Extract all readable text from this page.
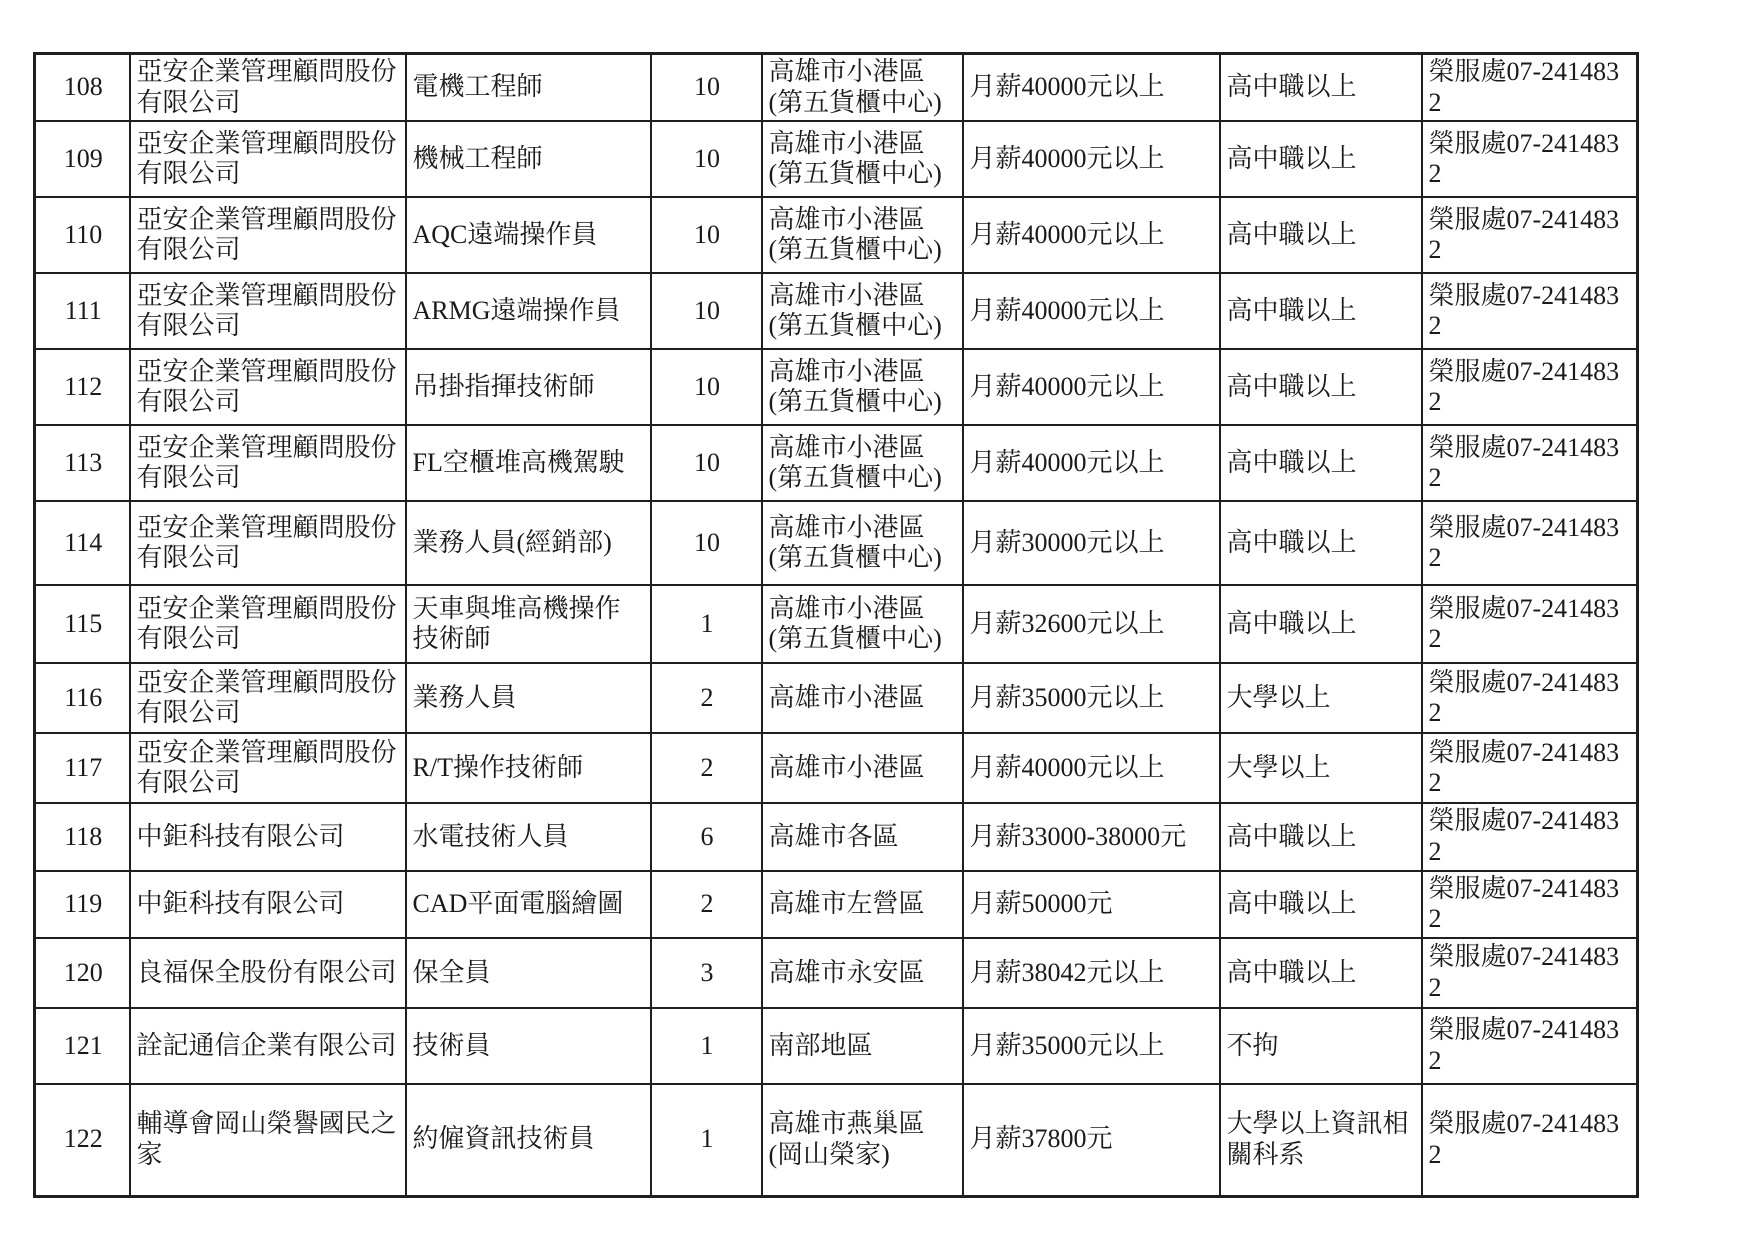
108	亞安企業管理顧問股份有限公司	電機工程師	10	高雄市小港區(第五貨櫃中心)	月薪40000元以上	高中職以上	榮服處07-2414832
109	亞安企業管理顧問股份有限公司	機械工程師	10	高雄市小港區(第五貨櫃中心)	月薪40000元以上	高中職以上	榮服處07-2414832
110	亞安企業管理顧問股份有限公司	AQC遠端操作員	10	高雄市小港區(第五貨櫃中心)	月薪40000元以上	高中職以上	榮服處07-2414832
111	亞安企業管理顧問股份有限公司	ARMG遠端操作員	10	高雄市小港區(第五貨櫃中心)	月薪40000元以上	高中職以上	榮服處07-2414832
112	亞安企業管理顧問股份有限公司	吊掛指揮技術師	10	高雄市小港區(第五貨櫃中心)	月薪40000元以上	高中職以上	榮服處07-2414832
113	亞安企業管理顧問股份有限公司	FL空櫃堆高機駕駛	10	高雄市小港區(第五貨櫃中心)	月薪40000元以上	高中職以上	榮服處07-2414832
114	亞安企業管理顧問股份有限公司	業務人員(經銷部)	10	高雄市小港區(第五貨櫃中心)	月薪30000元以上	高中職以上	榮服處07-2414832
115	亞安企業管理顧問股份有限公司	天車與堆高機操作技術師	1	高雄市小港區(第五貨櫃中心)	月薪32600元以上	高中職以上	榮服處07-2414832
116	亞安企業管理顧問股份有限公司	業務人員	2	高雄市小港區	月薪35000元以上	大學以上	榮服處07-2414832
117	亞安企業管理顧問股份有限公司	R/T操作技術師	2	高雄市小港區	月薪40000元以上	大學以上	榮服處07-2414832
118	中鉅科技有限公司	水電技術人員	6	高雄市各區	月薪33000-38000元	高中職以上	榮服處07-2414832
119	中鉅科技有限公司	CAD平面電腦繪圖	2	高雄市左營區	月薪50000元	高中職以上	榮服處07-2414832
120	良福保全股份有限公司	保全員	3	高雄市永安區	月薪38042元以上	高中職以上	榮服處07-2414832
121	詮記通信企業有限公司	技術員	1	南部地區	月薪35000元以上	不拘	榮服處07-2414832
122	輔導會岡山榮譽國民之家	約僱資訊技術員	1	高雄市燕巢區(岡山榮家)	月薪37800元	大學以上資訊相關科系	榮服處07-2414832
